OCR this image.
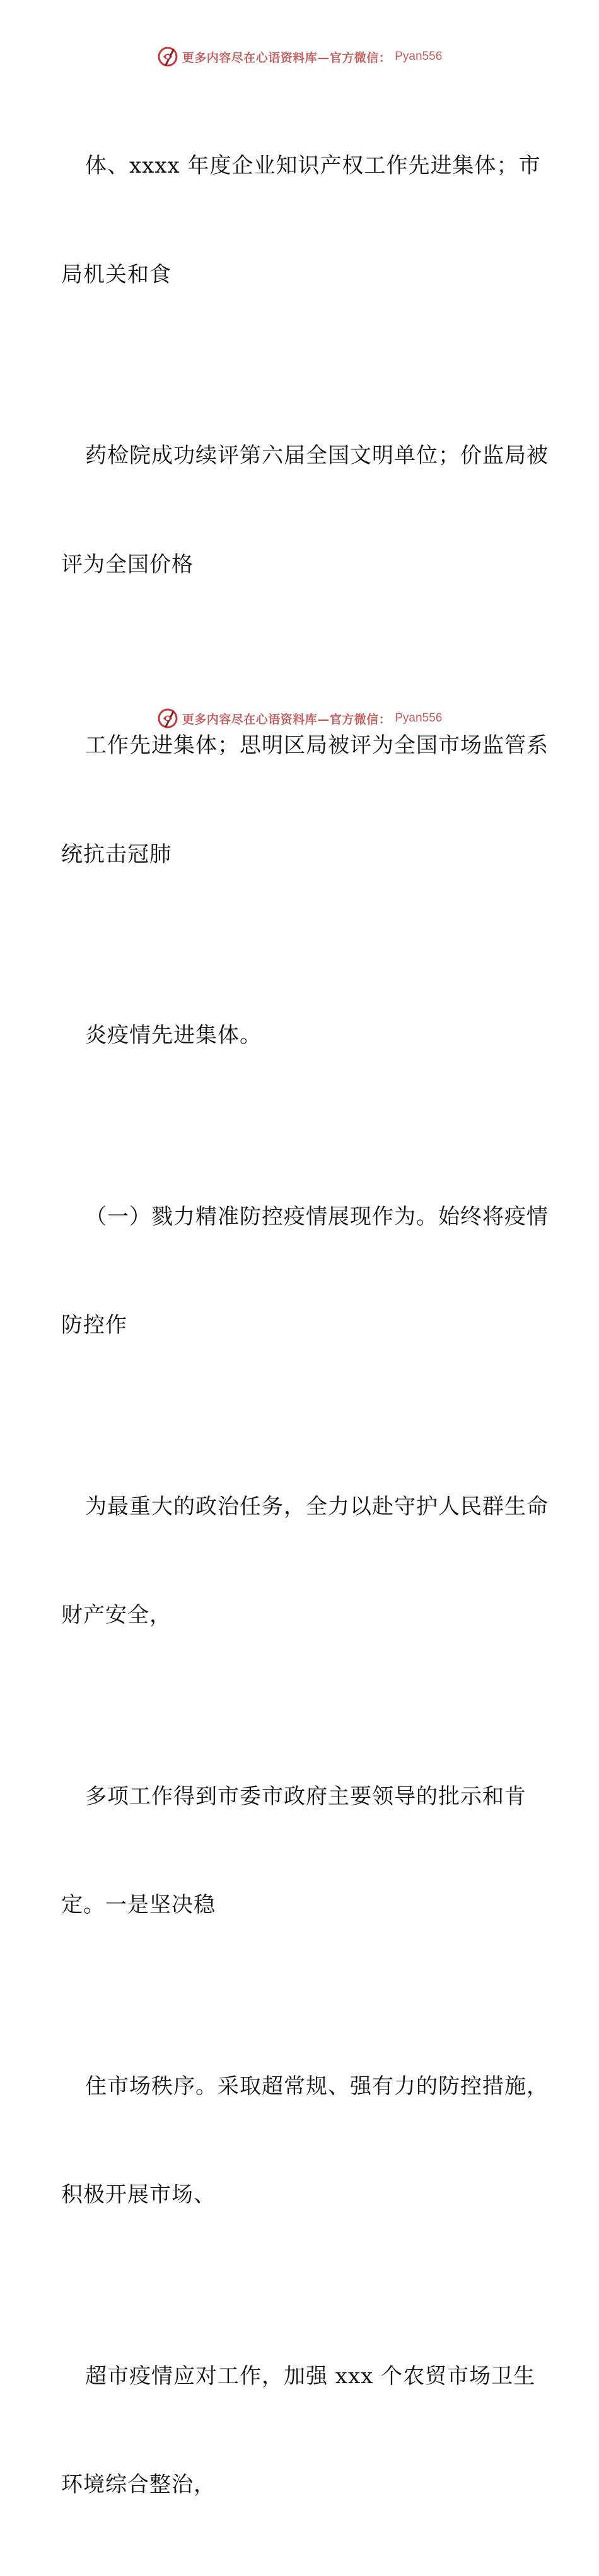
更多内容尽在心语资料库—官方微信： Pyan556

体、xxxx 年度企业知识产权工作先进集体；市

局机关和食

药检院成功续评第六届全国文明单位；价监局被

评为全国价格

工作先进集体；思明区局被评为全国市场监管系

统抗击冠肺

炎疫情先进集体。

（一）戮力精准防控疫情展现作为。始终将疫情

防控作

为最重大的政治任务，全力以赴守护人民群生命

财产安全，

多项工作得到市委市政府主要领导的批示和肯

定。一是坚决稳

住市场秩序。采取超常规、强有力的防控措施，

积极开展市场、

超市疫情应对工作，加强 xxx 个农贸市场卫生

环境综合整治，

更多内容尽在心语资料库—官方微信： Pyan556
